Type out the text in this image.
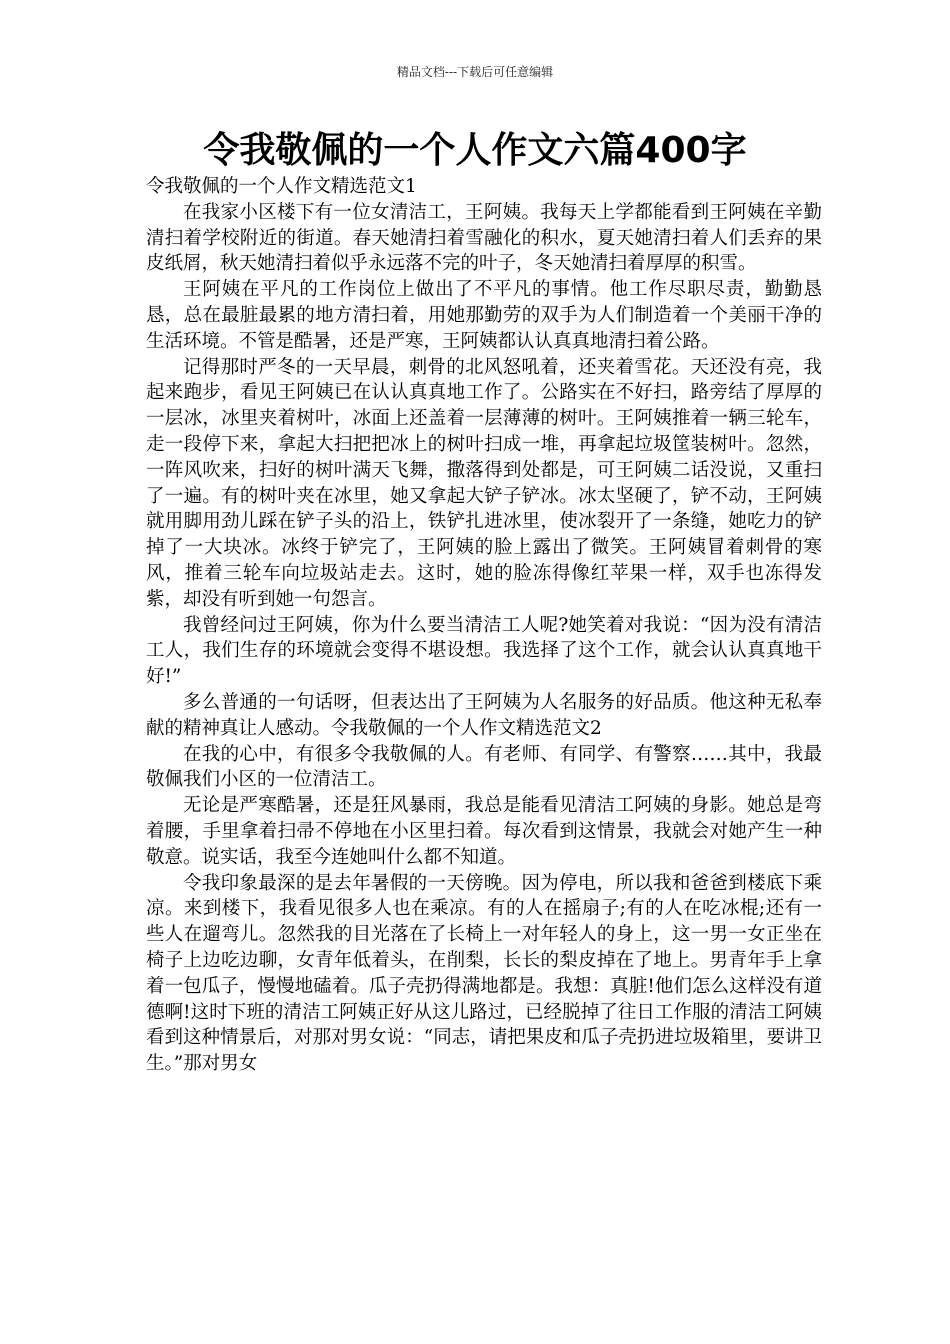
精品文档---下载后可任意编辑
令我敬佩的一个人作文六篇400字

令我敬佩的一个人作文精选范文1

在我家小区楼下有一位女清洁工，王阿姨。我每天上学都能看到王阿姨在辛勤清扫着学校附近的街道。春天她清扫着雪融化的积水，夏天她清扫着人们丢弃的果皮纸屑，秋天她清扫着似乎永远落不完的叶子，冬天她清扫着厚厚的积雪。

王阿姨在平凡的工作岗位上做出了不平凡的事情。他工作尽职尽责，勤勤恳恳，总在最脏最累的地方清扫着，用她那勤劳的双手为人们制造着一个美丽干净的生活环境。不管是酷暑，还是严寒，王阿姨都认认真真地清扫着公路。

记得那时严冬的一天早晨，刺骨的北风怒吼着，还夹着雪花。天还没有亮，我起来跑步，看见王阿姨已在认认真真地工作了。公路实在不好扫，路旁结了厚厚的一层冰，冰里夹着树叶，冰面上还盖着一层薄薄的树叶。王阿姨推着一辆三轮车，走一段停下来，拿起大扫把把冰上的树叶扫成一堆，再拿起垃圾筐装树叶。忽然，一阵风吹来，扫好的树叶满天飞舞，撒落得到处都是，可王阿姨二话没说，又重扫了一遍。有的树叶夹在冰里，她又拿起大铲子铲冰。冰太坚硬了，铲不动，王阿姨就用脚用劲儿踩在铲子头的沿上，铁铲扎进冰里，使冰裂开了一条缝，她吃力的铲掉了一大块冰。冰终于铲完了，王阿姨的脸上露出了微笑。王阿姨冒着刺骨的寒风，推着三轮车向垃圾站走去。这时，她的脸冻得像红苹果一样，双手也冻得发紫，却没有听到她一句怨言。

我曾经问过王阿姨，你为什么要当清洁工人呢?她笑着对我说：“因为没有清洁工人，我们生存的环境就会变得不堪设想。我选择了这个工作，就会认认真真地干好!”

多么普通的一句话呀，但表达出了王阿姨为人名服务的好品质。他这种无私奉献的精神真让人感动。令我敬佩的一个人作文精选范文2

在我的心中，有很多令我敬佩的人。有老师、有同学、有警察……其中，我最敬佩我们小区的一位清洁工。

无论是严寒酷暑，还是狂风暴雨，我总是能看见清洁工阿姨的身影。她总是弯着腰，手里拿着扫帚不停地在小区里扫着。每次看到这情景，我就会对她产生一种敬意。说实话，我至今连她叫什么都不知道。

令我印象最深的是去年暑假的一天傍晚。因为停电，所以我和爸爸到楼底下乘凉。来到楼下，我看见很多人也在乘凉。有的人在摇扇子;有的人在吃冰棍;还有一些人在遛弯儿。忽然我的目光落在了长椅上一对年轻人的身上，这一男一女正坐在椅子上边吃边聊，女青年低着头，在削梨，长长的梨皮掉在了地上。男青年手上拿着一包瓜子，慢慢地磕着。瓜子壳扔得满地都是。我想：真脏!他们怎么这样没有道德啊!这时下班的清洁工阿姨正好从这儿路过，已经脱掉了往日工作服的清洁工阿姨看到这种情景后，对那对男女说：“同志，请把果皮和瓜子壳扔进垃圾箱里，要讲卫生。”那对男女
